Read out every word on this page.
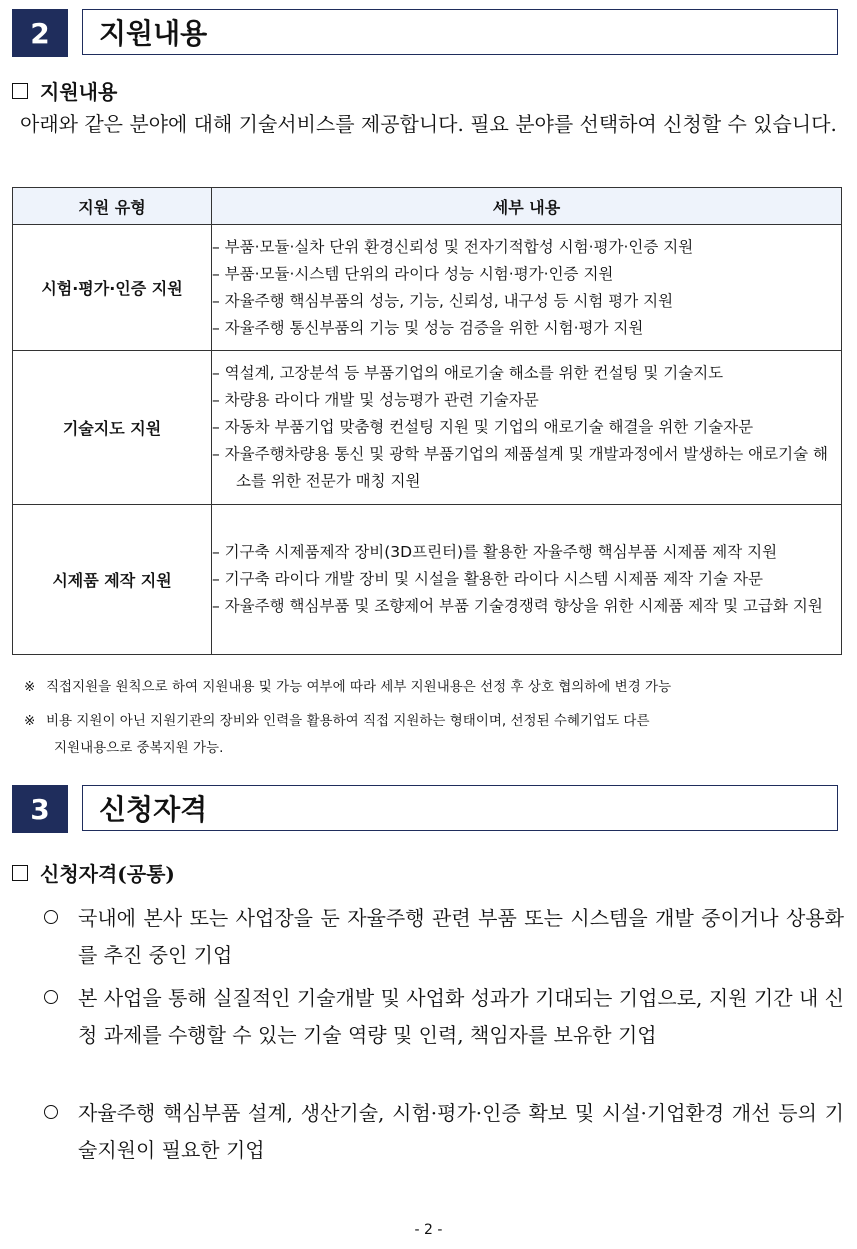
2	지원내용
지원내용
아래와 같은 분야에 대해 기술서비스를 제공합니다. 필요 분야를 선택하여 신청할 수 있습니다.
지원 유형	세부 내용
시험·평가·인증 지원	– 부품·모듈·실차 단위 환경신뢰성 및 전자기적합성 시험·평가·인증 지원
– 부품·모듈·시스템 단위의 라이다 성능 시험·평가·인증 지원
– 자율주행 핵심부품의 성능, 기능, 신뢰성, 내구성 등 시험 평가 지원
– 자율주행 통신부품의 기능 및 성능 검증을 위한 시험·평가 지원

기술지도 지원	– 역설계, 고장분석 등 부품기업의 애로기술 해소를 위한 컨설팅 및 기술지도
– 차량용 라이다 개발 및 성능평가 관련 기술자문
– 자동차 부품기업 맞춤형 컨설팅 지원 및 기업의 애로기술 해결을 위한 기술자문
– 자율주행차량용 통신 및 광학 부품기업의 제품설계 및 개발과정에서 발생하는 애로기술 해소를 위한 전문가 매칭 지원

시제품 제작 지원	– 기구축 시제품제작 장비(3D프린터)를 활용한 자율주행 핵심부품 시제품 제작 지원
– 기구축 라이다 개발 장비 및 시설을 활용한 라이다 시스템 시제품 제작 기술 자문
– 자율주행 핵심부품 및 조향제어 부품 기술경쟁력 향상을 위한 시제품 제작 및 고급화 지원
※ 직접지원을 원칙으로 하여 지원내용 및 가능 여부에 따라 세부 지원내용은 선정 후 상호 협의하에 변경 가능
※ 비용 지원이 아닌 지원기관의 장비와 인력을 활용하여 직접 지원하는 형태이며, 선정된 수혜기업도 다른
지원내용으로 중복지원 가능.
3	신청자격
신청자격(공통)
국내에 본사 또는 사업장을 둔 자율주행 관련 부품 또는 시스템을 개발 중이거나 상용화를 추진 중인 기업
본 사업을 통해 실질적인 기술개발 및 사업화 성과가 기대되는 기업으로, 지원 기간 내 신청 과제를 수행할 수 있는 기술 역량 및 인력, 책임자를 보유한 기업
자율주행 핵심부품 설계, 생산기술, 시험·평가·인증 확보 및 시설·기업환경 개선 등의 기술지원이 필요한 기업
- 2 -
